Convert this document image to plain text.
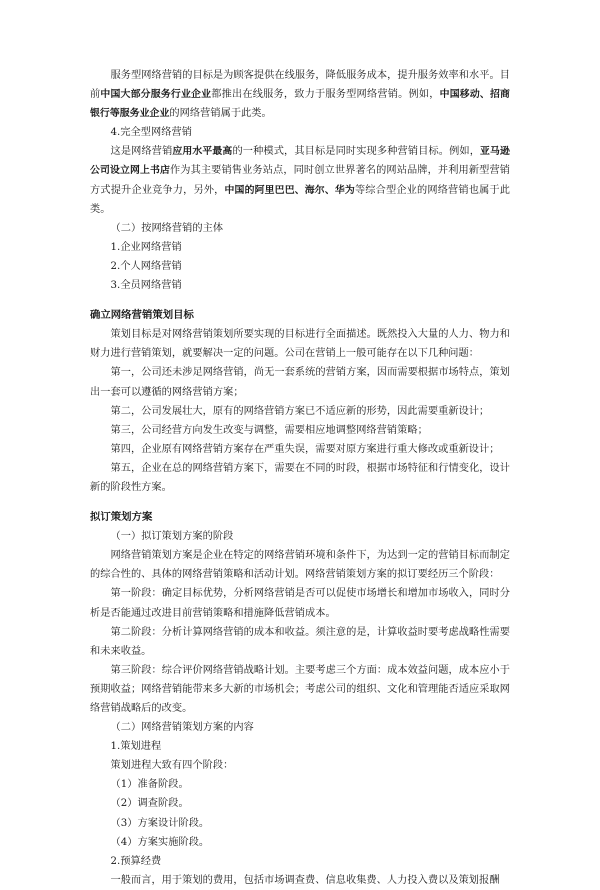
服务型网络营销的目标是为顾客提供在线服务，降低服务成本，提升服务效率和水平。目前中国大部分服务行业企业都推出在线服务，致力于服务型网络营销。例如，中国移动、招商银行等服务业企业的网络营销属于此类。

4.完全型网络营销

这是网络营销应用水平最高的一种模式，其目标是同时实现多种营销目标。例如，亚马逊公司设立网上书店作为其主要销售业务站点，同时创立世界著名的网站品牌，并利用新型营销方式提升企业竞争力，另外，中国的阿里巴巴、海尔、华为等综合型企业的网络营销也属于此类。

（二）按网络营销的主体

1.企业网络营销

2.个人网络营销

3.全员网络营销

确立网络营销策划目标

策划目标是对网络营销策划所要实现的目标进行全面描述。既然投入大量的人力、物力和财力进行营销策划，就要解决一定的问题。公司在营销上一般可能存在以下几种问题：

第一，公司还未涉足网络营销，尚无一套系统的营销方案，因而需要根据市场特点，策划出一套可以遵循的网络营销方案；

第二，公司发展壮大，原有的网络营销方案已不适应新的形势，因此需要重新设计；

第三，公司经营方向发生改变与调整，需要相应地调整网络营销策略；

第四，企业原有网络营销方案存在严重失误，需要对原方案进行重大修改或重新设计；

第五，企业在总的网络营销方案下，需要在不同的时段，根据市场特征和行情变化，设计新的阶段性方案。

拟订策划方案

（一）拟订策划方案的阶段

网络营销策划方案是企业在特定的网络营销环境和条件下，为达到一定的营销目标而制定的综合性的、具体的网络营销策略和活动计划。网络营销策划方案的拟订要经历三个阶段：

第一阶段：确定目标优势，分析网络营销是否可以促使市场增长和增加市场收入，同时分析是否能通过改进目前营销策略和措施降低营销成本。

第二阶段：分析计算网络营销的成本和收益。须注意的是，计算收益时要考虑战略性需要和未来收益。

第三阶段：综合评价网络营销战略计划。主要考虑三个方面：成本效益问题，成本应小于预期收益；网络营销能带来多大新的市场机会；考虑公司的组织、文化和管理能否适应采取网络营销战略后的改变。

（二）网络营销策划方案的内容

1.策划进程

策划进程大致有四个阶段：

（1）准备阶段。

（2）调查阶段。

（3）方案设计阶段。

（4）方案实施阶段。

2.预算经费

一般而言，用于策划的费用，包括市场调查费、信息收集费、人力投入费以及策划报酬
